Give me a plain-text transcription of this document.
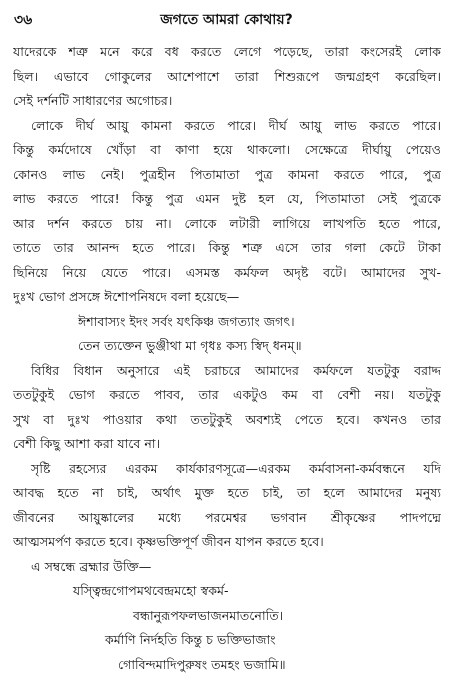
৩৬	জগতে আমরা কোথায়?
যাদেরকে শত্রু মনে করে বধ করতে লেগে পড়েছে, তারা কংসেরই লোক
ছিল। এভাবে গোকুলের আশেপাশে তারা শিশুরূপে জন্মগ্রহণ করেছিল।
সেই দর্শনটি সাধারণের অগোচর।
লোকে দীর্ঘ আয়ু কামনা করতে পারে। দীর্ঘ আয়ু লাভ করতে পারে।
কিন্তু কর্মদোষে খোঁড়া বা কাণা হয়ে থাকলো। সেক্ষেত্রে দীর্ঘায়ু পেয়েও
কোনও লাভ নেই। পুত্রহীন পিতামাতা পুত্র কামনা করতে পারে, পুত্র
লাভ করতে পারে! কিন্তু পুত্র এমন দুষ্ট হল যে, পিতামাতা সেই পুত্রকে
আর দর্শন করতে চায় না। লোকে লটারী লাগিয়ে লাখপতি হতে পারে,
তাতে তার আনন্দ হতে পারে। কিন্তু শত্রু এসে তার গলা কেটে টাকা
ছিনিয়ে নিয়ে যেতে পারে। এসমস্ত কর্মফল অদৃষ্ট বটে। আমাদের সুখ-
দুঃখ ভোগ প্রসঙ্গে ঈশোপনিষদে বলা হয়েছে—
ঈশাবাস্যং ইদং সর্বং যৎকিঞ্চ জগত্যাং জগৎ।
তেন ত্যক্তেন ভুঞ্জীথা মা গৃধঃ কস্য স্বিদ্ ধনম্॥
বিধির বিধান অনুসারে এই চরাচরে আমাদের কর্মফলে যতটুকু বরাদ্দ
ততটুকুই ভোগ করতে পাবব, তার একটুও কম বা বেশী নয়। যতটুকু
সুখ বা দুঃখ পাওয়ার কথা ততটুকুই অবশ্যই পেতে হবে। কখনও তার
বেশী কিছু আশা করা যাবে না।
সৃষ্টি রহস্যের এরকম কার্যকারণসূত্রে—এরকম কর্মবাসনা-কর্মবন্ধনে যদি
আবদ্ধ হতে না চাই, অর্থাৎ মুক্ত হতে চাই, তা হলে আমাদের মনুষ্য
জীবনের আয়ুষ্কালের মধ্যে পরমেশ্বর ভগবান শ্রীকৃষ্ণের পাদপদ্মে
আত্মসমর্পণ করতে হবে। কৃষ্ণভক্তিপূর্ণ জীবন যাপন করতে হবে।
এ সম্বন্ধে ব্রহ্মার উক্তি—
যস্ত্বিন্দ্রগোপমথবেন্দ্রমহো স্বকর্ম-
বন্ধানুরূপফলভাজনমাতনোতি।
কর্মাণি নির্দহতি কিন্তু চ ভক্তিভাজাং
গোবিন্দমাদিপুরুষং তমহং ভজামি॥
